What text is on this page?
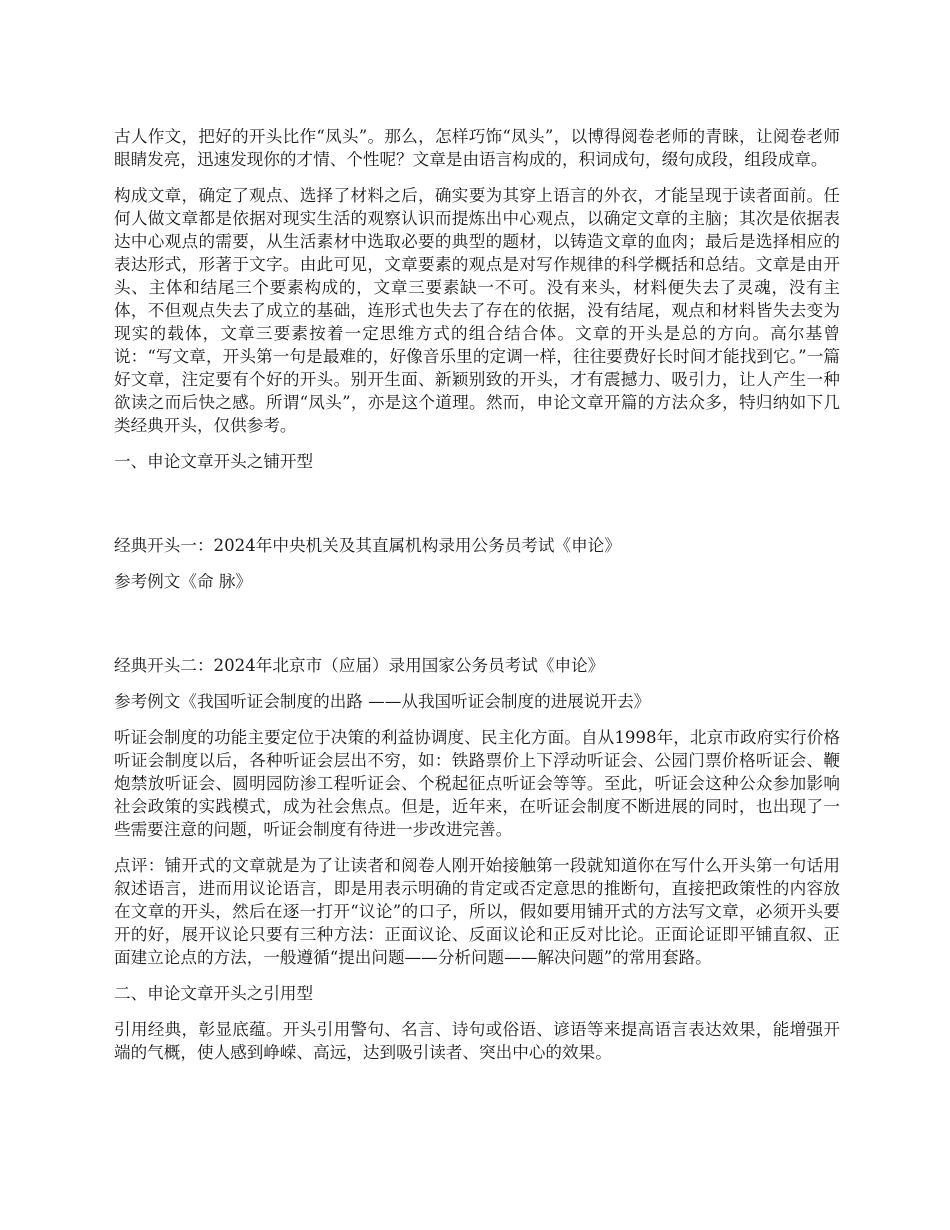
古人作文，把好的开头比作“凤头”。那么，怎样巧饰“凤头”，以博得阅卷老师的青睐，让阅卷老师眼睛发亮，迅速发现你的才情、个性呢？文章是由语言构成的，积词成句，缀句成段，组段成章。

构成文章，确定了观点、选择了材料之后，确实要为其穿上语言的外衣，才能呈现于读者面前。任何人做文章都是依据对现实生活的观察认识而提炼出中心观点，以确定文章的主脑；其次是依据表达中心观点的需要，从生活素材中选取必要的典型的题材，以铸造文章的血肉；最后是选择相应的表达形式，形著于文字。由此可见，文章要素的观点是对写作规律的科学概括和总结。文章是由开头、主体和结尾三个要素构成的，文章三要素缺一不可。没有来头，材料便失去了灵魂，没有主体，不但观点失去了成立的基础，连形式也失去了存在的依据，没有结尾，观点和材料皆失去变为现实的载体，文章三要素按着一定思维方式的组合结合体。文章的开头是总的方向。高尔基曾说：“写文章，开头第一句是最难的，好像音乐里的定调一样，往往要费好长时间才能找到它。”一篇好文章，注定要有个好的开头。别开生面、新颖别致的开头，才有震撼力、吸引力，让人产生一种欲读之而后快之感。所谓“凤头”，亦是这个道理。然而，申论文章开篇的方法众多，特归纳如下几类经典开头，仅供参考。

一、申论文章开头之铺开型

经典开头一：2024年中央机关及其直属机构录用公务员考试《申论》

参考例文《命 脉》

经典开头二：2024年北京市（应届）录用国家公务员考试《申论》

参考例文《我国听证会制度的出路 ——从我国听证会制度的进展说开去》

听证会制度的功能主要定位于决策的利益协调度、民主化方面。自从1998年，北京市政府实行价格听证会制度以后，各种听证会层出不穷，如：铁路票价上下浮动听证会、公园门票价格听证会、鞭炮禁放听证会、圆明园防渗工程听证会、个税起征点听证会等等。至此，听证会这种公众参加影响社会政策的实践模式，成为社会焦点。但是，近年来，在听证会制度不断进展的同时，也出现了一些需要注意的问题，听证会制度有待进一步改进完善。

点评：铺开式的文章就是为了让读者和阅卷人刚开始接触第一段就知道你在写什么开头第一句话用叙述语言，进而用议论语言，即是用表示明确的肯定或否定意思的推断句，直接把政策性的内容放在文章的开头，然后在逐一打开“议论”的口子，所以，假如要用铺开式的方法写文章，必须开头要开的好，展开议论只要有三种方法：正面议论、反面议论和正反对比论。正面论证即平铺直叙、正面建立论点的方法，一般遵循“提出问题——分析问题——解决问题”的常用套路。

二、申论文章开头之引用型

引用经典，彰显底蕴。开头引用警句、名言、诗句或俗语、谚语等来提高语言表达效果，能增强开端的气概，使人感到峥嵘、高远，达到吸引读者、突出中心的效果。
